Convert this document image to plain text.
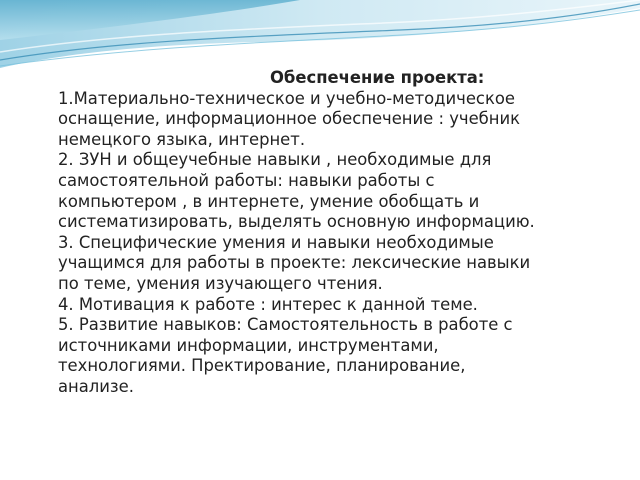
Обеспечение проекта:

1.Материально-техническое и учебно-методическое

оснащение, информационное обеспечение : учебник

немецкого языка, интернет.

2. ЗУН и общеучебные навыки , необходимые для

самостоятельной работы: навыки работы с

компьютером , в интернете, умение обобщать и

систематизировать, выделять основную информацию.

3. Специфические умения и навыки необходимые

учащимся для работы в проекте: лексические навыки

по теме, умения изучающего чтения.

4. Мотивация к работе : интерес к данной теме.

5. Развитие навыков: Самостоятельность в работе с

источниками информации, инструментами,

технологиями. Пректирование, планирование,

анализе.
